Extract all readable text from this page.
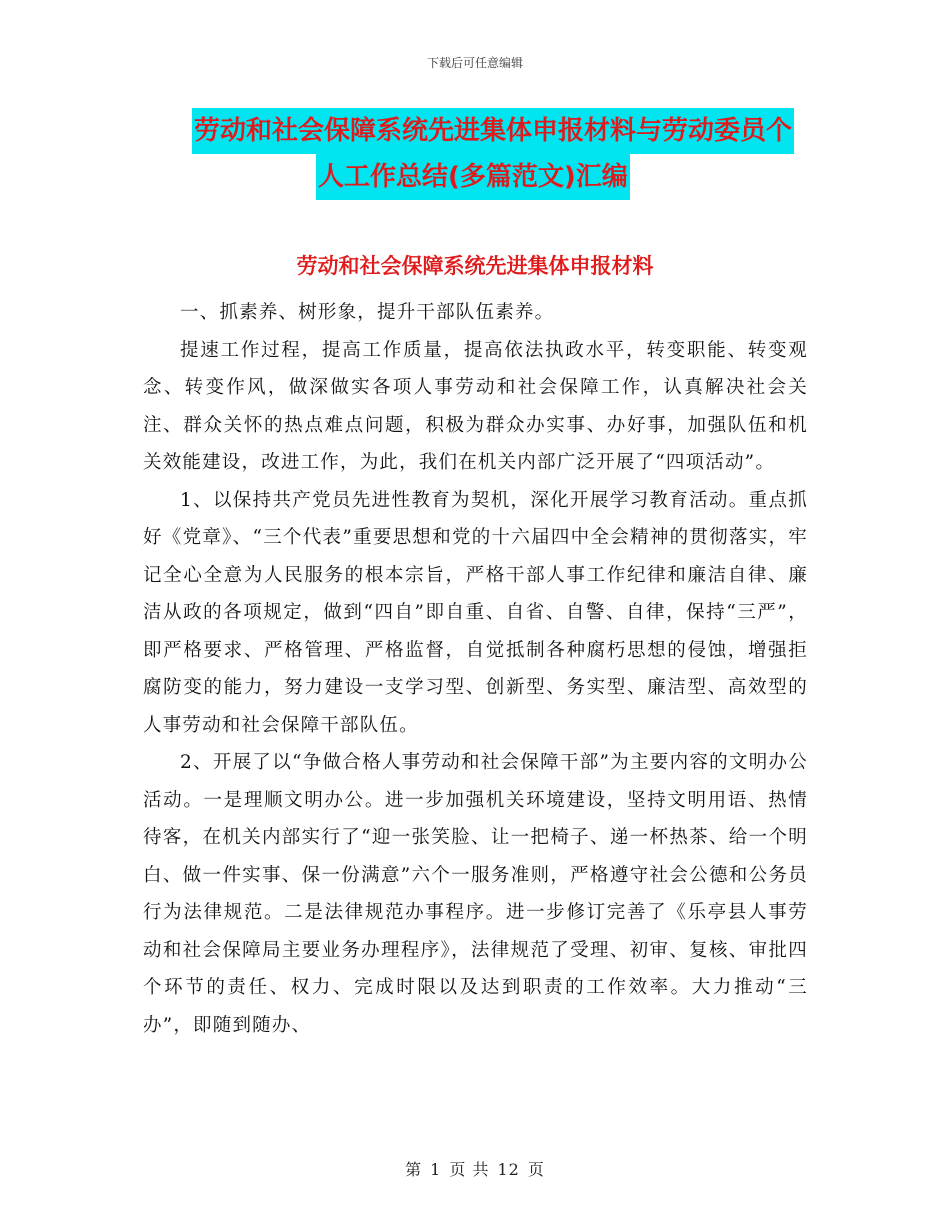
下载后可任意编辑
劳动和社会保障系统先进集体申报材料与劳动委员个
人工作总结(多篇范文)汇编
劳动和社会保障系统先进集体申报材料

一、抓素养、树形象，提升干部队伍素养。

提速工作过程，提高工作质量，提高依法执政水平，转变职能、转变观念、转变作风，做深做实各项人事劳动和社会保障工作，认真解决社会关注、群众关怀的热点难点问题，积极为群众办实事、办好事，加强队伍和机关效能建设，改进工作，为此，我们在机关内部广泛开展了“四项活动”。

1、以保持共产党员先进性教育为契机，深化开展学习教育活动。重点抓好《党章》、“三个代表”重要思想和党的十六届四中全会精神的贯彻落实，牢记全心全意为人民服务的根本宗旨，严格干部人事工作纪律和廉洁自律、廉洁从政的各项规定，做到“四自”即自重、自省、自警、自律，保持“三严”，即严格要求、严格管理、严格监督，自觉抵制各种腐朽思想的侵蚀，增强拒腐防变的能力，努力建设一支学习型、创新型、务实型、廉洁型、高效型的人事劳动和社会保障干部队伍。

2、开展了以“争做合格人事劳动和社会保障干部”为主要内容的文明办公活动。一是理顺文明办公。进一步加强机关环境建设，坚持文明用语、热情待客，在机关内部实行了“迎一张笑脸、让一把椅子、递一杯热茶、给一个明白、做一件实事、保一份满意”六个一服务准则，严格遵守社会公德和公务员行为法律规范。二是法律规范办事程序。进一步修订完善了《乐亭县人事劳动和社会保障局主要业务办理程序》，法律规范了受理、初审、复核、审批四个环节的责任、权力、完成时限以及达到职责的工作效率。大力推动“三办”，即随到随办、

第 1 页 共 12 页
